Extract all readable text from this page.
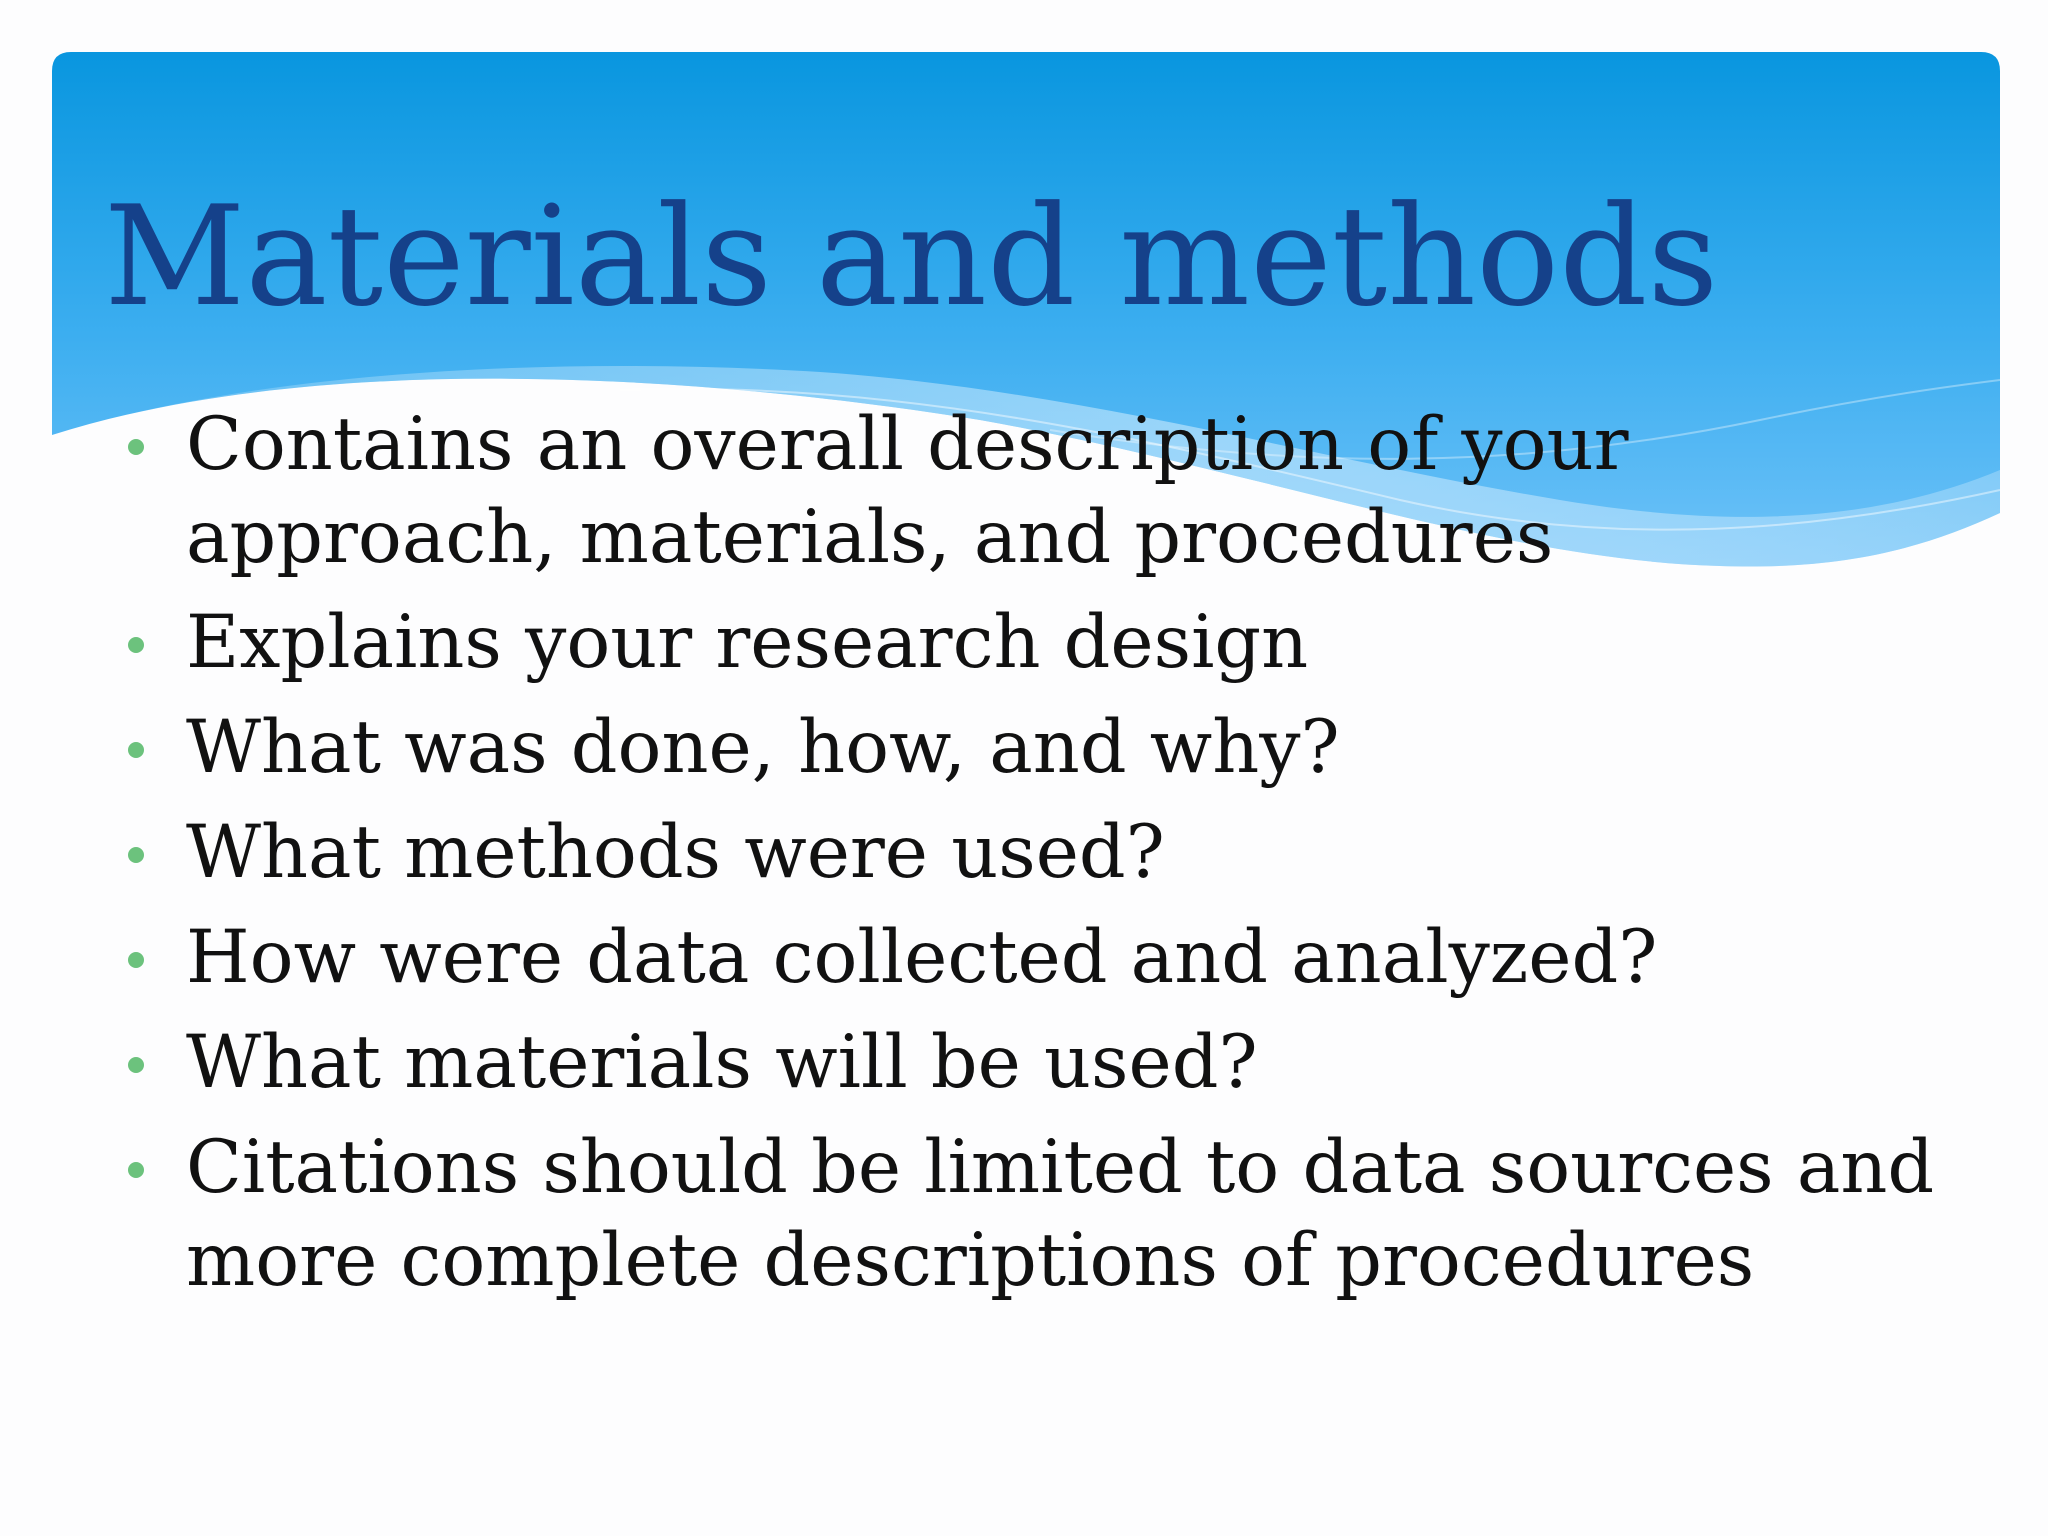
Materials and methods
Contains an overall description of your approach, materials, and procedures
Explains your research design
What was done, how, and why?
What methods were used?
How were data collected and analyzed?
What materials will be used?
Citations should be limited to data sources and more complete descriptions of procedures
